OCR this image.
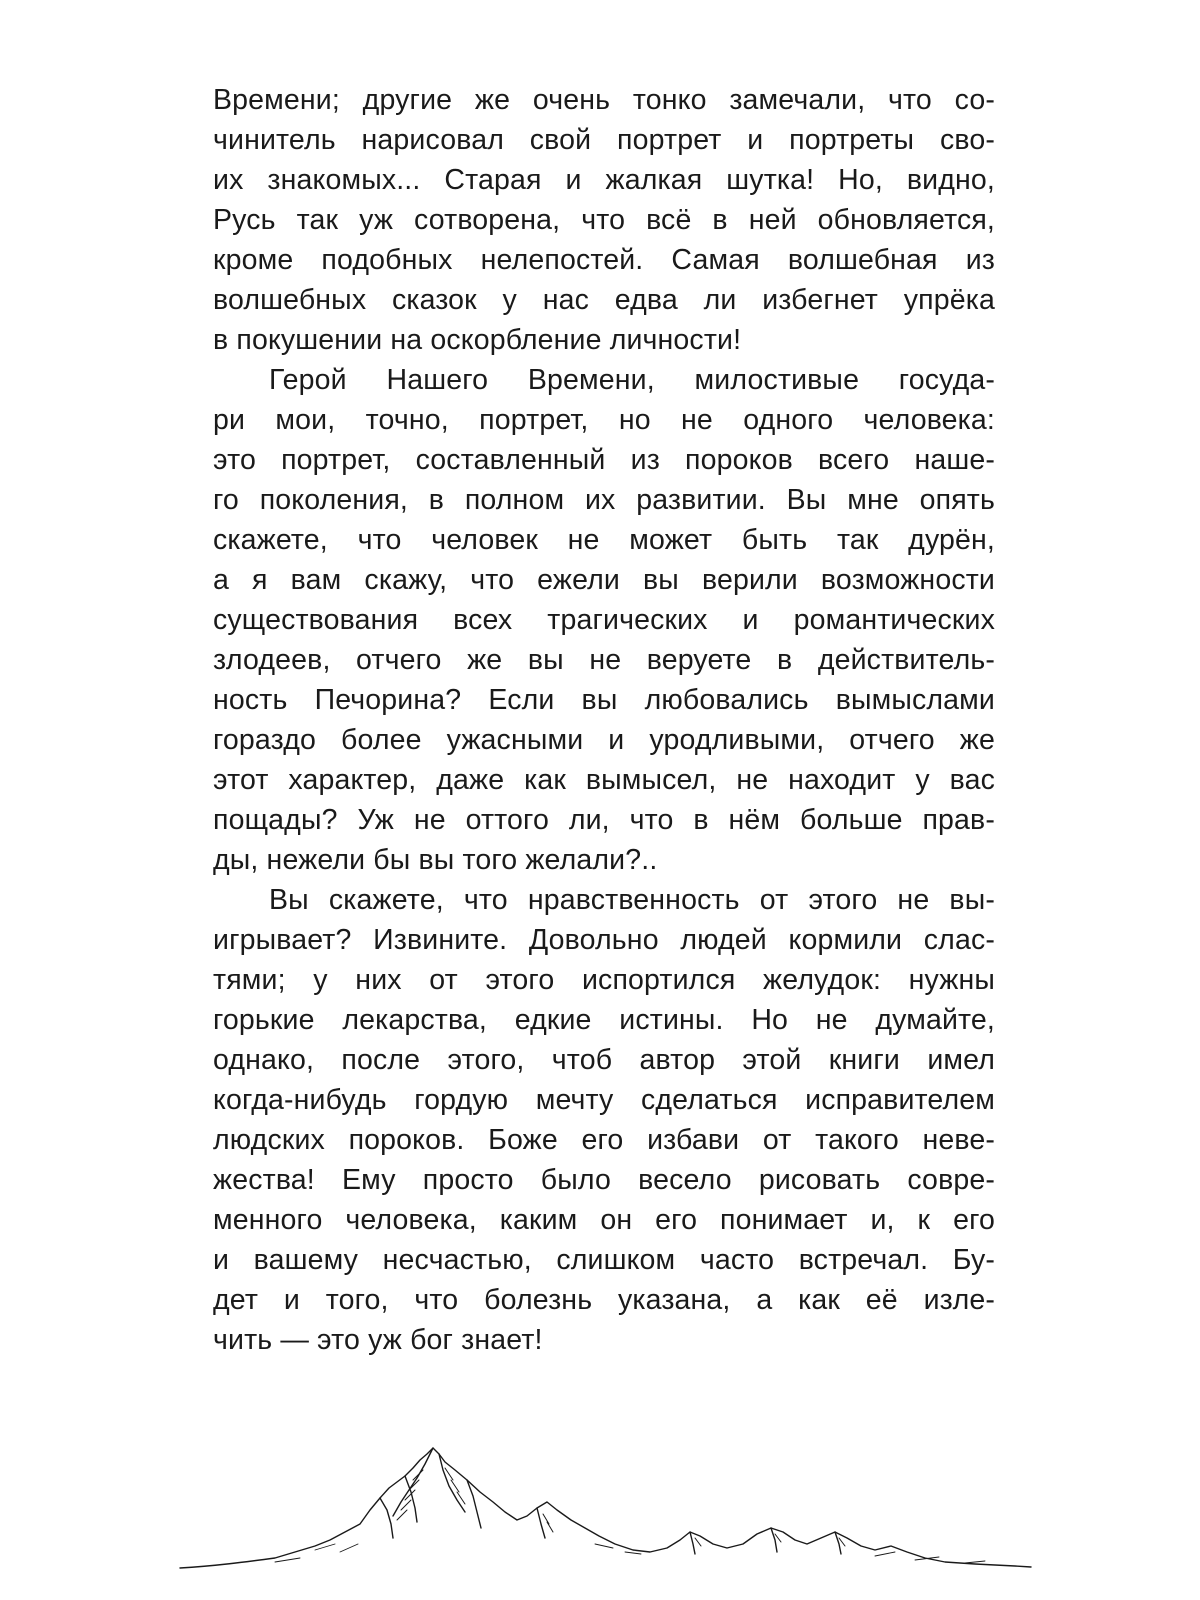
Времени; другие же очень тонко замечали, что со-
чинитель нарисовал свой портрет и портреты сво-
их знакомых... Старая и жалкая шутка! Но, видно,
Русь так уж сотворена, что всё в ней обновляется,
кроме подобных нелепостей. Самая волшебная из
волшебных сказок у нас едва ли избегнет упрёка
в покушении на оскорбление личности!
Герой Нашего Времени, милостивые госуда-
ри мои, точно, портрет, но не одного человека:
это портрет, составленный из пороков всего наше-
го поколения, в полном их развитии. Вы мне опять
скажете, что человек не может быть так дурён,
а я вам скажу, что ежели вы верили возможности
существования всех трагических и романтических
злодеев, отчего же вы не веруете в действитель-
ность Печорина? Если вы любовались вымыслами
гораздо более ужасными и уродливыми, отчего же
этот характер, даже как вымысел, не находит у вас
пощады? Уж не оттого ли, что в нём больше прав-
ды, нежели бы вы того желали?..
Вы скажете, что нравственность от этого не вы-
игрывает? Извините. Довольно людей кормили слас-
тями; у них от этого испортился желудок: нужны
горькие лекарства, едкие истины. Но не думайте,
однако, после этого, чтоб автор этой книги имел
когда-нибудь гордую мечту сделаться исправителем
людских пороков. Боже его избави от такого неве-
жества! Ему просто было весело рисовать совре-
менного человека, каким он его понимает и, к его
и вашему несчастью, слишком часто встречал. Бу-
дет и того, что болезнь указана, а как её изле-
чить — это уж бог знает!
